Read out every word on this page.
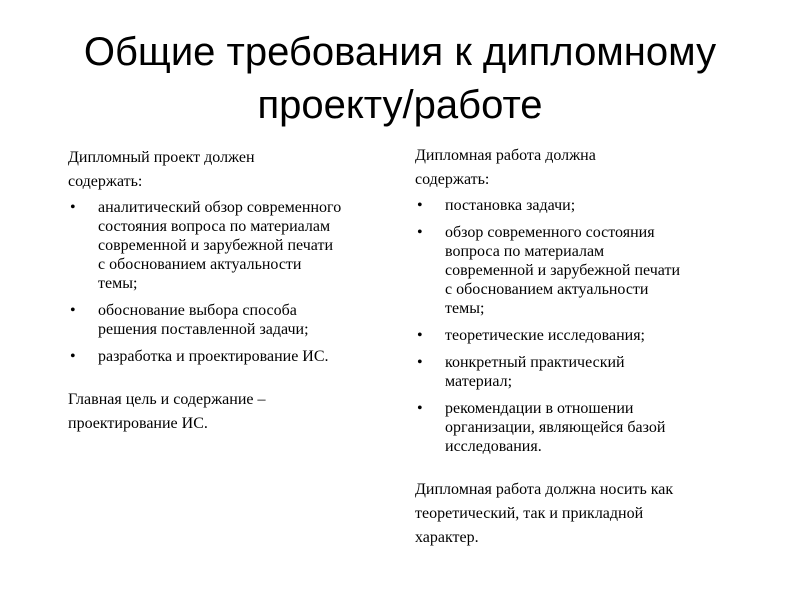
Общие требования к дипломному
проекту/работе

Дипломный проект должен
содержать:

• аналитический обзор современного
состояния вопроса по материалам
современной и зарубежной печати
с обоснованием актуальности
темы;
• обоснование выбора способа
решения поставленной задачи;
• разработка и проектирование ИС.

Главная цель и содержание –
проектирование ИС.

Дипломная работа должна
содержать:

• постановка задачи;
• обзор современного состояния
вопроса по материалам
современной и зарубежной печати
с обоснованием актуальности
темы;
• теоретические исследования;
• конкретный практический
материал;
• рекомендации в отношении
организации, являющейся базой
исследования.

Дипломная работа должна носить как
теоретический, так и прикладной
характер.
